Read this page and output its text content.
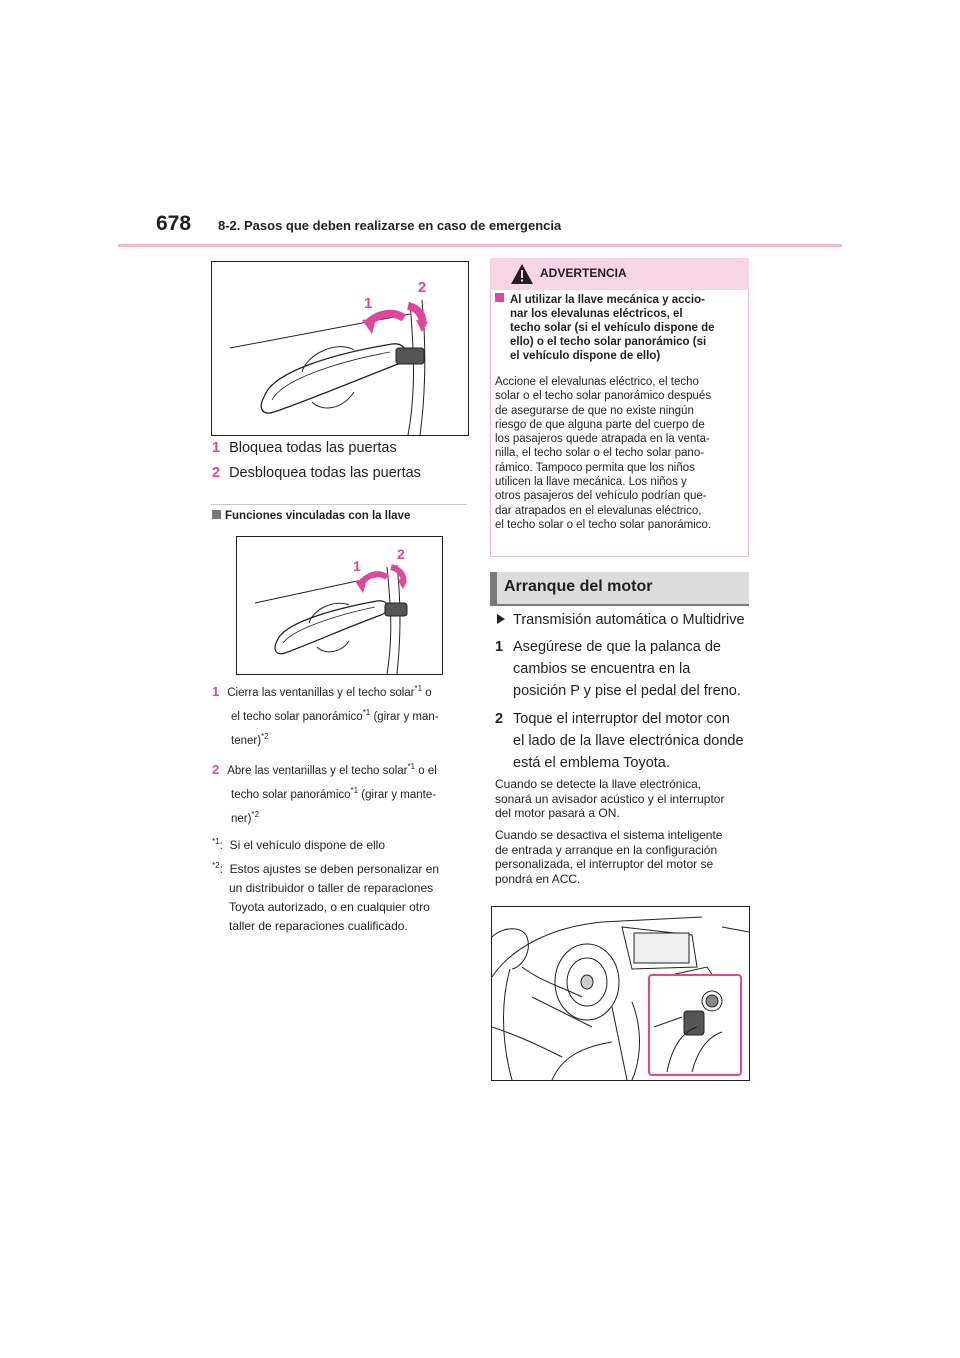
678 8-2. Pasos que deben realizarse en caso de emergencia
1
2
1 Bloquea todas las puertas
2 Desbloquea todas las puertas
Funciones vinculadas con la llave
1
2
1 Cierra las ventanillas y el techo solar$^{*1}$ o
el techo solar panorámico$^{*1}$ (girar y man-
tener)$^{*2}$
2 Abre las ventanillas y el techo solar$^{*1}$ o el
techo solar panorámico$^{*1}$ (girar y mante-
ner)$^{*2}$
$^{*1}$:  Si el vehículo dispone de ello
$^{*2}$:  Estos ajustes se deben personalizar en
un distribuidor o taller de reparaciones
Toyota autorizado, o en cualquier otro
taller de reparaciones cualificado.
ADVERTENCIA
Al utilizar la llave mecánica y accio-
nar los elevalunas eléctricos, el
techo solar (si el vehículo dispone de
ello) o el techo solar panorámico (si
el vehículo dispone de ello)
Accione el elevalunas eléctrico, el techo
solar o el techo solar panorámico después
de asegurarse de que no existe ningún
riesgo de que alguna parte del cuerpo de
los pasajeros quede atrapada en la venta-
nilla, el techo solar o el techo solar pano-
rámico. Tampoco permita que los niños
utilicen la llave mecánica. Los niños y
otros pasajeros del vehículo podrían que-
dar atrapados en el elevalunas eléctrico,
el techo solar o el techo solar panorámico.
Arranque del motor
Transmisión automática o Multidrive
1 Asegúrese de que la palanca de
cambios se encuentra en la
posición P y pise el pedal del freno.
2 Toque el interruptor del motor con
el lado de la llave electrónica donde
está el emblema Toyota.
Cuando se detecte la llave electrónica,
sonará un avisador acústico y el interruptor
del motor pasará a ON.
Cuando se desactiva el sistema inteligente
de entrada y arranque en la configuración
personalizada, el interruptor del motor se
pondrá en ACC.
